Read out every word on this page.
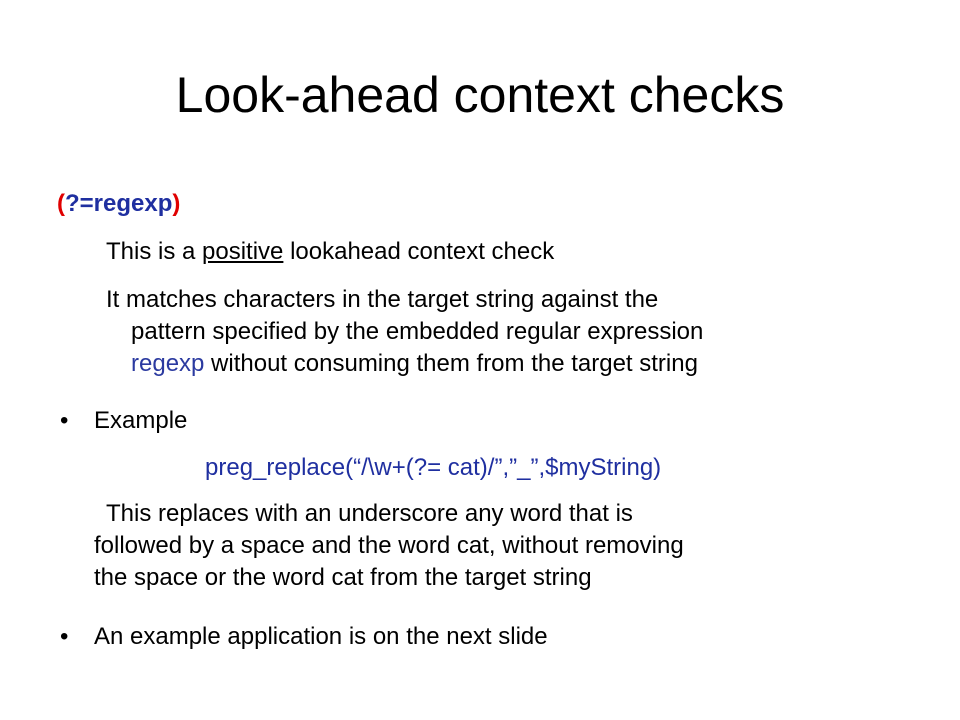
Look-ahead context checks
(?=regexp)
This is a positive lookahead context check
It matches characters in the target string against the
pattern specified by the embedded regular expression
regexp without consuming them from the target string
• Example
preg_replace(“/\w+(?= cat)/”,”_”,$myString)
This replaces with an underscore any word that is
followed by a space and the word cat, without removing
the space or the word cat from the target string
• An example application is on the next slide
